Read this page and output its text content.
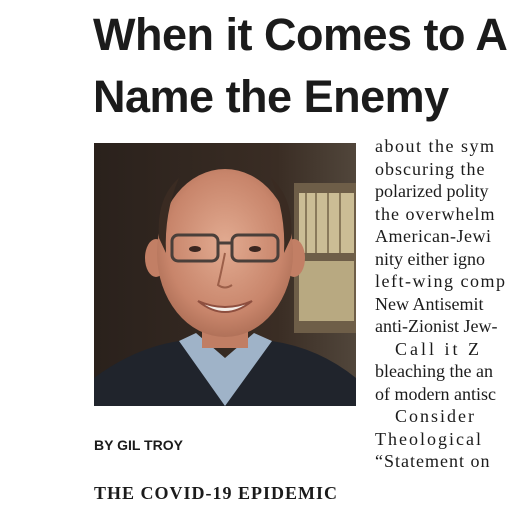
When it Comes to A
Name the Enemy
BY GIL TROY
THE COVID-19 EPIDEMIC
about the sym
obscuring the
polarized polity
the overwhelm
American-Jewi
nity either igno
left-wing comp
New Antisemit
anti-Zionist Jew-
Call it Z
bleaching the an
of modern antisc
Consider
Theological
“Statement on
